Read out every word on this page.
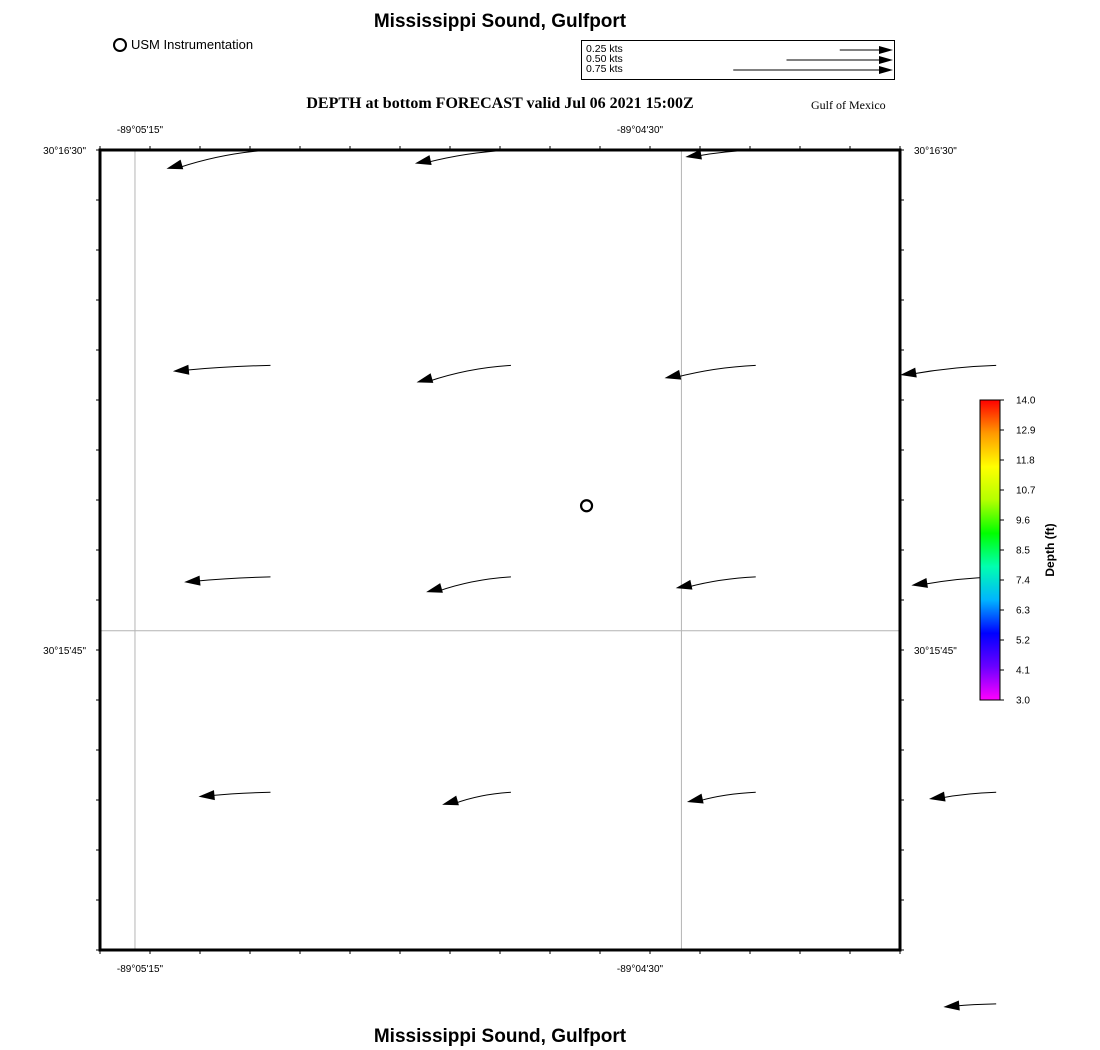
Mississippi Sound, Gulfport
USM Instrumentation	0.25 kts
0.50 kts
0.75 kts
DEPTH at bottom FORECAST valid Jul 06 2021 15:00Z	Gulf of Mexico
-89°05'15"	-89°04'30"
-89°05'15"	-89°04'30"
30°16'30"
30°15'45"
30°16'30"
30°15'45"
14.0
12.9
11.8
10.7
9.6
8.5
7.4
6.3
5.2
4.1
3.0
Depth (ft)
Mississippi Sound, Gulfport
